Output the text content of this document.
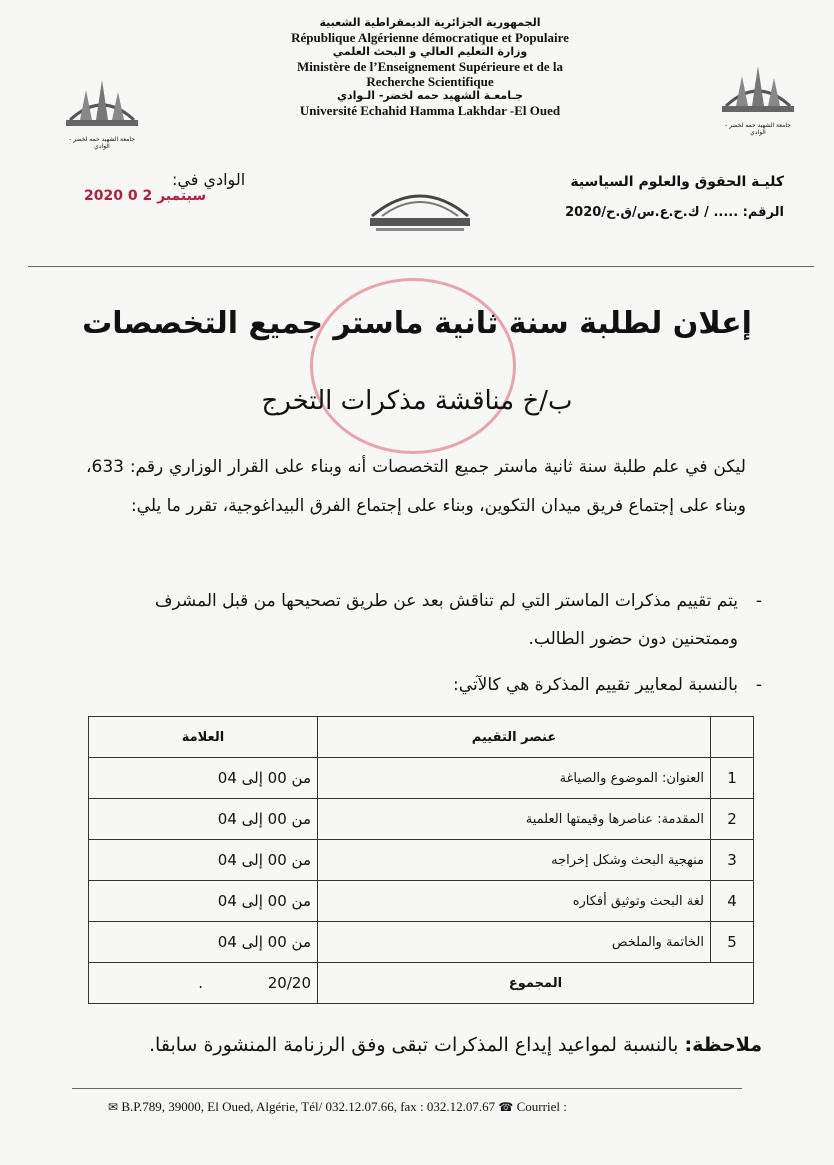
الجمهورية الجزائرية الديمقراطية الشعبية
République Algérienne démocratique et Populaire
وزارة التعليم العالي و البحث العلمي
Ministère de l’Enseignement Supérieure et de la
Recherche Scientifique
جـامعـة الشهيد حمه لخضر- الـوادي
Université Echahid Hamma Lakhdar -El Oued
جامعة الشهيد حمه لخضر - الوادي
جامعة الشهيد حمه لخضر - الوادي
كليـة الحقوق والعلوم السياسية
الرقم: ..... / ك.ح.ع.س/ق.ح/2020
الوادي في:
2020 سبتمبر 2 0
إعلان لطلبة سنة ثانية ماستر جميع التخصصات
ب/خ مناقشة مذكرات التخرج
ليكن في علم طلبة سنة ثانية ماستر جميع التخصصات أنه وبناء على القرار الوزاري رقم: 633، وبناء على إجتماع فريق ميدان التكوين، وبناء على إجتماع الفرق البيداغوجية، تقرر ما يلي:
-
يتم تقييم مذكرات الماستر التي لم تناقش بعد عن طريق تصحيحها من قبل المشرف وممتحنين دون حضور الطالب.
-
بالنسبة لمعايير تقييم المذكرة هي كالآتي:
	عنصر التقييم	العلامة
1	العنوان: الموضوع والصياغة	من 00 إلى 04
2	المقدمة: عناصرها وقيمتها العلمية	من 00 إلى 04
3	منهجية البحث وشكل إخراجه	من 00 إلى 04
4	لغة البحث وتوثيق أفكاره	من 00 إلى 04
5	الخاتمة والملخص	من 00 إلى 04
المجموع		20/20 .
ملاحظة: بالنسبة لمواعيد إيداع المذكرات تبقى وفق الرزنامة المنشورة سابقا.
✉ B.P.789, 39000, El Oued, Algérie, Tél/ 032.12.07.66, fax : 032.12.07.67 ☎ Courriel :
